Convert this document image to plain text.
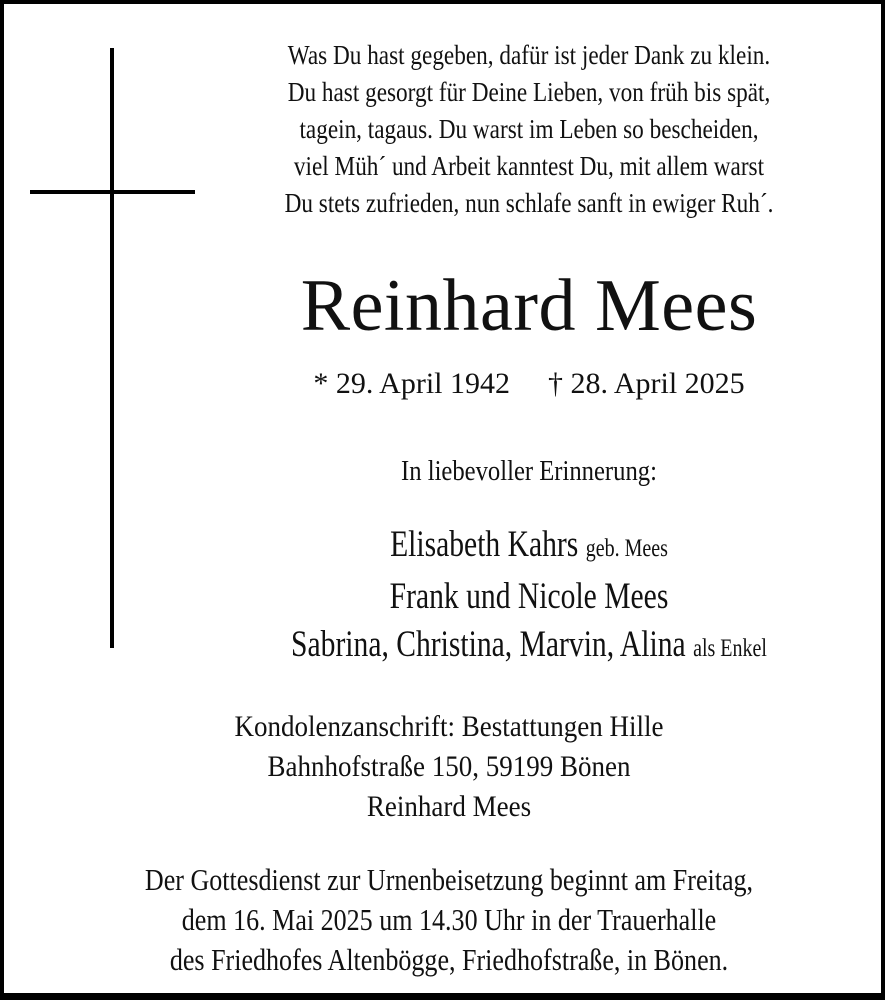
Was Du hast gegeben, dafür ist jeder Dank zu klein.
Du hast gesorgt für Deine Lieben, von früh bis spät,
tagein, tagaus. Du warst im Leben so bescheiden,
viel Müh´ und Arbeit kanntest Du, mit allem warst
Du stets zufrieden, nun schlafe sanft in ewiger Ruh´.
Reinhard Mees
* 29. April 1942 † 28. April 2025
In liebevoller Erinnerung:
Elisabeth Kahrs geb. Mees
Frank und Nicole Mees
Sabrina, Christina, Marvin, Alina als Enkel
Kondolenzanschrift: Bestattungen Hille
Bahnhofstraße 150, 59199 Bönen
Reinhard Mees
Der Gottesdienst zur Urnenbeisetzung beginnt am Freitag,
dem 16. Mai 2025 um 14.30 Uhr in der Trauerhalle
des Friedhofes Altenbögge, Friedhofstraße, in Bönen.
